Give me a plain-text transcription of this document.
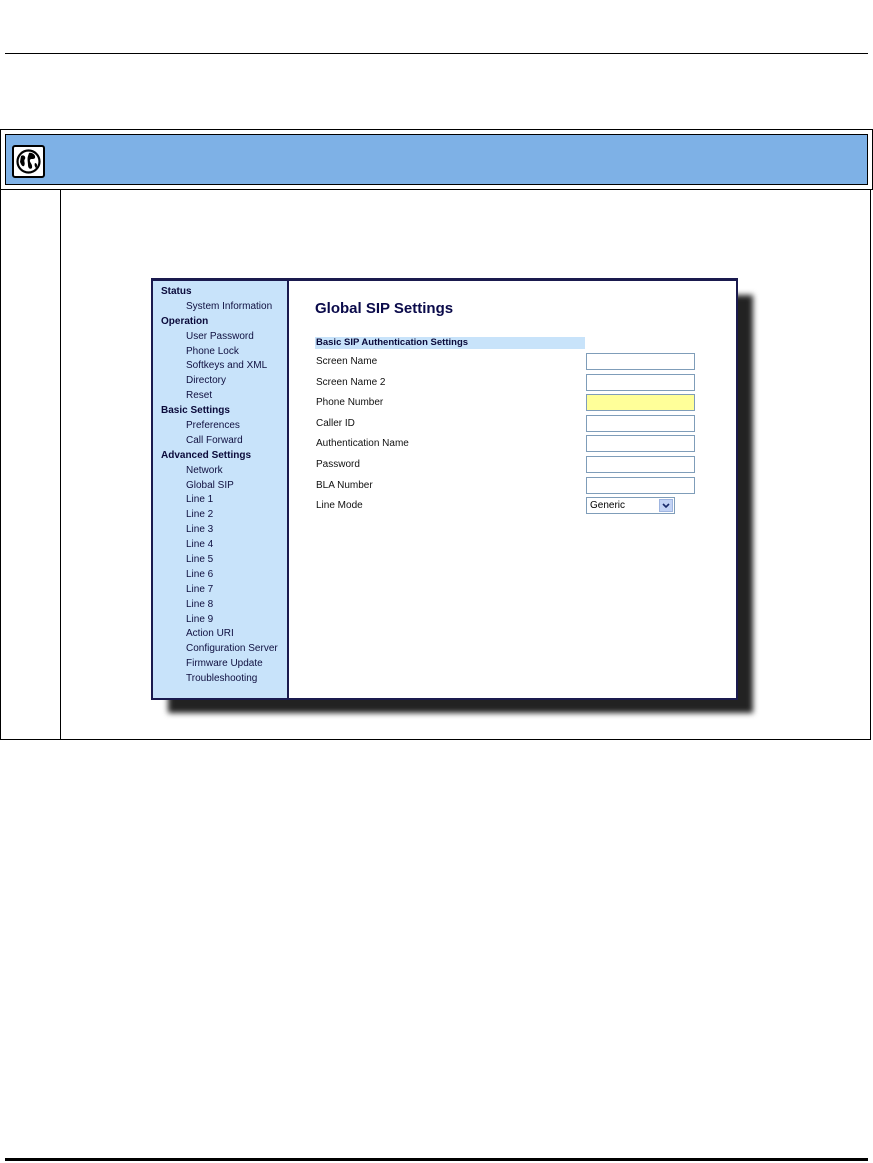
Status
System Information
Operation
User Password
Phone Lock
Softkeys and XML
Directory
Reset
Basic Settings
Preferences
Call Forward
Advanced Settings
Network
Global SIP
Line 1
Line 2
Line 3
Line 4
Line 5
Line 6
Line 7
Line 8
Line 9
Action URI
Configuration Server
Firmware Update
Troubleshooting
Global SIP Settings
Basic SIP Authentication Settings
Screen Name
Screen Name 2
Phone Number
Caller ID
Authentication Name
Password
BLA Number
Line Mode	Generic
